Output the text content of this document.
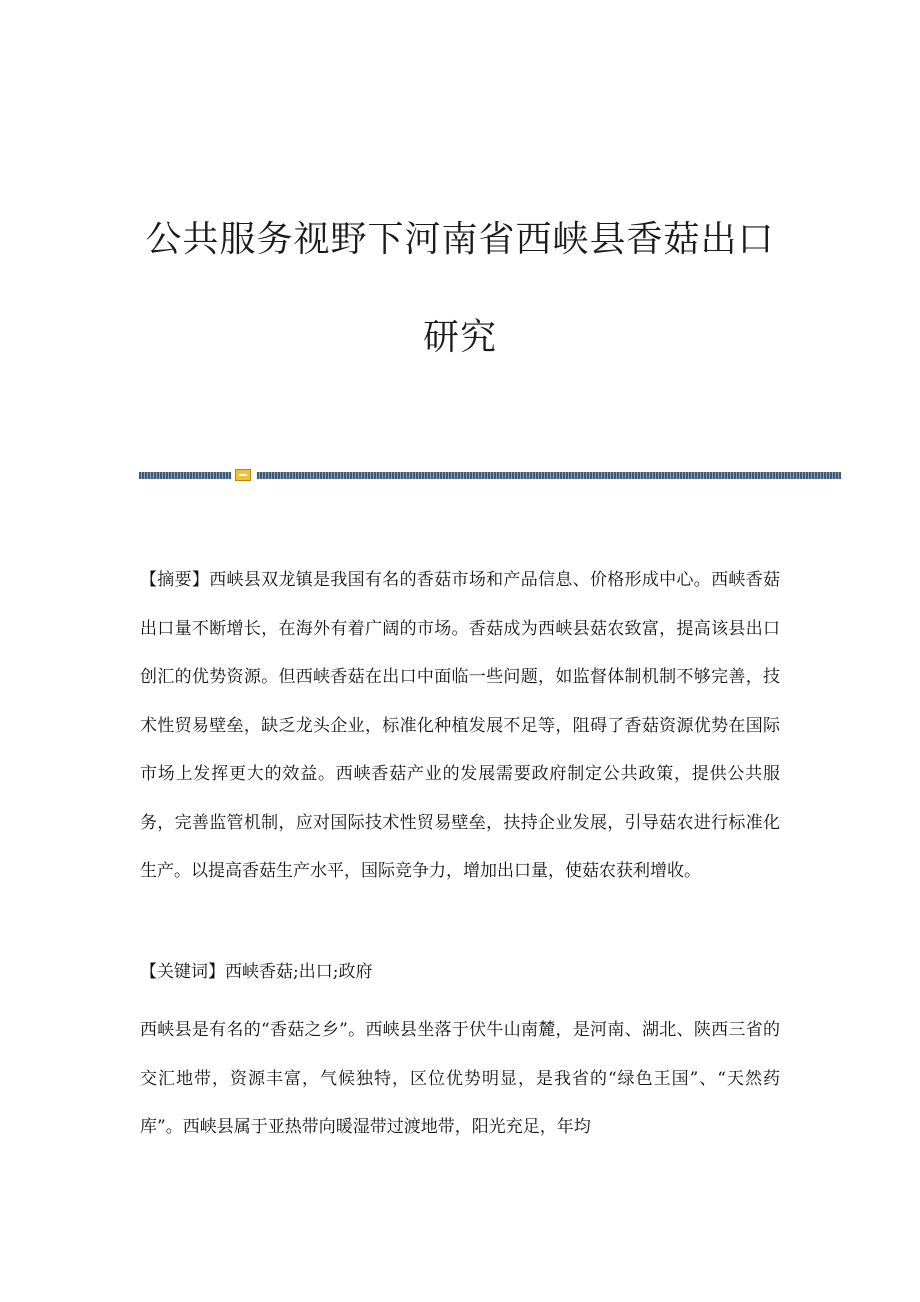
公共服务视野下河南省西峡县香菇出口
研究
【摘要】西峡县双龙镇是我国有名的香菇市场和产品信息、价格形成中心。西峡香菇出口量不断增长，在海外有着广阔的市场。香菇成为西峡县菇农致富，提高该县出口创汇的优势资源。但西峡香菇在出口中面临一些问题，如监督体制机制不够完善，技术性贸易壁垒，缺乏龙头企业，标准化种植发展不足等，阻碍了香菇资源优势在国际市场上发挥更大的效益。西峡香菇产业的发展需要政府制定公共政策，提供公共服务，完善监管机制，应对国际技术性贸易壁垒，扶持企业发展，引导菇农进行标准化生产。以提高香菇生产水平，国际竞争力，增加出口量，使菇农获利增收。
【关键词】西峡香菇;出口;政府
西峡县是有名的“香菇之乡”。西峡县坐落于伏牛山南麓，是河南、湖北、陕西三省的交汇地带，资源丰富，气候独特，区位优势明显，是我省的“绿色王国”、“天然药库”。西峡县属于亚热带向暖湿带过渡地带，阳光充足，年均
